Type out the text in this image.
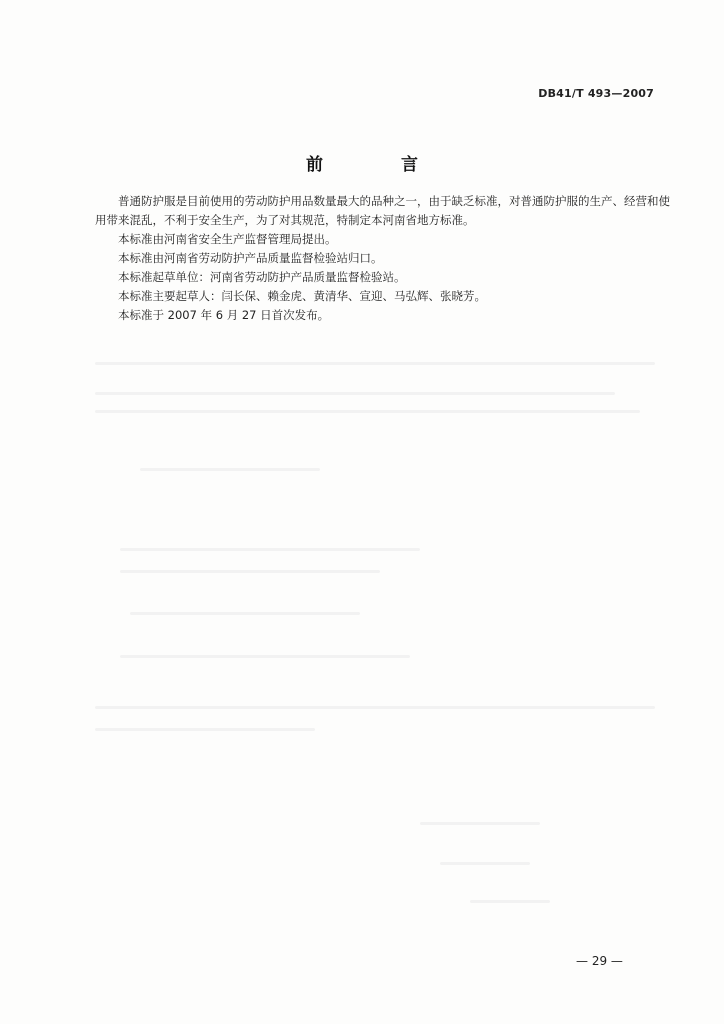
DB41/T 493—2007
前 言

普通防护服是目前使用的劳动防护用品数量最大的品种之一，由于缺乏标准，对普通防护服的生产、经营和使用带来混乱，不利于安全生产，为了对其规范，特制定本河南省地方标准。

本标准由河南省安全生产监督管理局提出。

本标准由河南省劳动防护产品质量监督检验站归口。

本标准起草单位：河南省劳动防护产品质量监督检验站。

本标准主要起草人：闫长保、赖金虎、黄清华、宣迎、马弘辉、张晓芳。

本标准于 2007 年 6 月 27 日首次发布。

— 29 —
